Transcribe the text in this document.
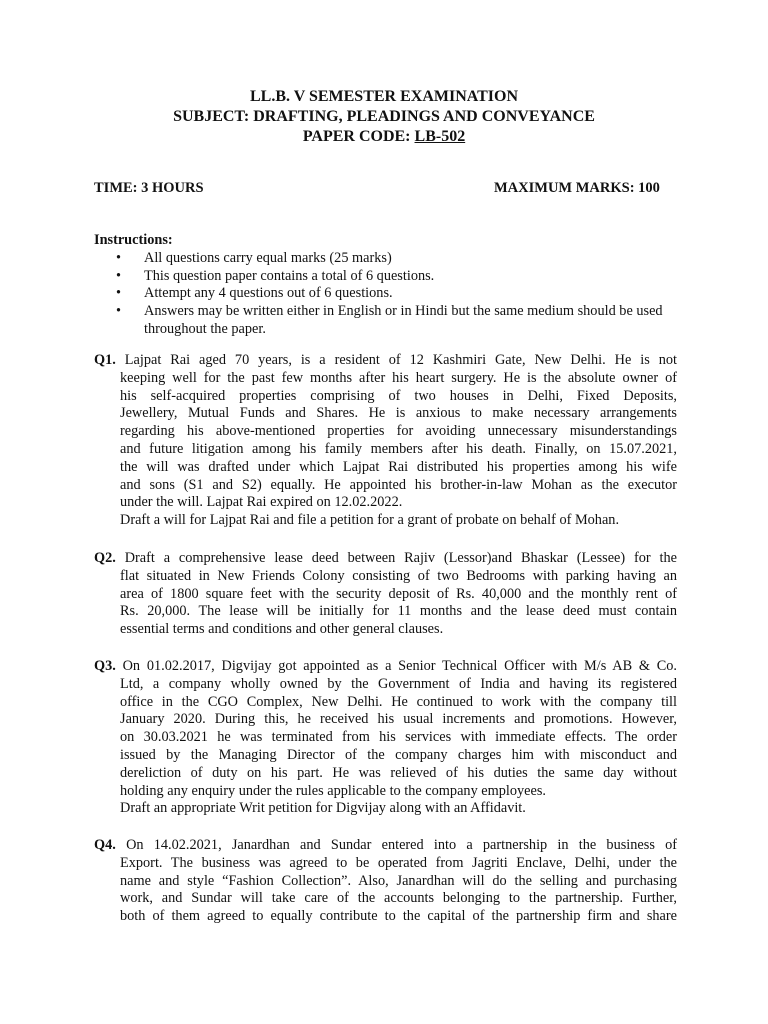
LL.B. V SEMESTER EXAMINATION
SUBJECT: DRAFTING, PLEADINGS AND CONVEYANCE
PAPER CODE: LB-502
TIME: 3 HOURS	MAXIMUM MARKS: 100
Instructions:
• All questions carry equal marks (25 marks)
• This question paper contains a total of 6 questions.
• Attempt any 4 questions out of 6 questions.
• Answers may be written either in English or in Hindi but the same medium should be used throughout the paper.
Q1. Lajpat Rai aged 70 years, is a resident of 12 Kashmiri Gate, New Delhi. He is not
keeping well for the past few months after his heart surgery. He is the absolute owner of
his self-acquired properties comprising of two houses in Delhi, Fixed Deposits,
Jewellery, Mutual Funds and Shares. He is anxious to make necessary arrangements
regarding his above-mentioned properties for avoiding unnecessary misunderstandings
and future litigation among his family members after his death. Finally, on 15.07.2021,
the will was drafted under which Lajpat Rai distributed his properties among his wife
and sons (S1 and S2) equally. He appointed his brother-in-law Mohan as the executor
under the will. Lajpat Rai expired on 12.02.2022.
Draft a will for Lajpat Rai and file a petition for a grant of probate on behalf of Mohan.
Q2. Draft a comprehensive lease deed between Rajiv (Lessor)and Bhaskar (Lessee) for the
flat situated in New Friends Colony consisting of two Bedrooms with parking having an
area of 1800 square feet with the security deposit of Rs. 40,000 and the monthly rent of
Rs. 20,000. The lease will be initially for 11 months and the lease deed must contain
essential terms and conditions and other general clauses.
Q3. On 01.02.2017, Digvijay got appointed as a Senior Technical Officer with M/s AB & Co.
Ltd, a company wholly owned by the Government of India and having its registered
office in the CGO Complex, New Delhi. He continued to work with the company till
January 2020. During this, he received his usual increments and promotions. However,
on 30.03.2021 he was terminated from his services with immediate effects. The order
issued by the Managing Director of the company charges him with misconduct and
dereliction of duty on his part. He was relieved of his duties the same day without
holding any enquiry under the rules applicable to the company employees.
Draft an appropriate Writ petition for Digvijay along with an Affidavit.
Q4. On 14.02.2021, Janardhan and Sundar entered into a partnership in the business of
Export. The business was agreed to be operated from Jagriti Enclave, Delhi, under the
name and style “Fashion Collection”. Also, Janardhan will do the selling and purchasing
work, and Sundar will take care of the accounts belonging to the partnership. Further,
both of them agreed to equally contribute to the capital of the partnership firm and share
